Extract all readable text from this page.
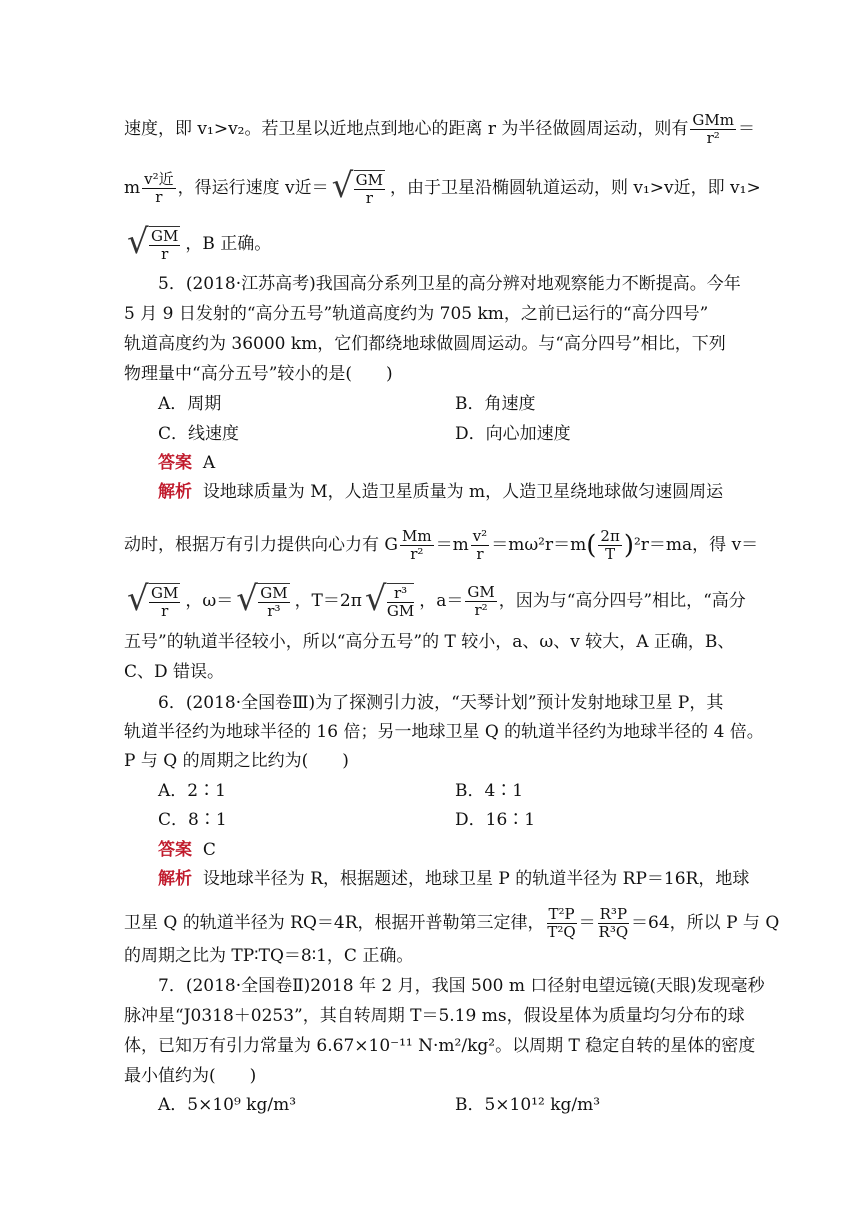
速度，即 v₁>v₂。若卫星以近地点到地心的距离 r 为半径做圆周运动，则有 $\frac{\text{GMm}}{\text{r²}}$ ＝
m $\frac{\text{v²近}}{r}$ ，得运行速度 v近＝ √ $\frac{GM}{r}$ ，由于卫星沿椭圆轨道运动，则 v₁>v近，即 v₁>
√ $\frac{GM}{r}$ ，B 正确。
5．(2018·江苏高考)我国高分系列卫星的高分辨对地观察能力不断提高。今年
5 月 9 日发射的“高分五号”轨道高度约为 705 km，之前已运行的“高分四号”
轨道高度约为 36000 km，它们都绕地球做圆周运动。与“高分四号”相比，下列
物理量中“高分五号”较小的是(　　)
A．周期	B．角速度
C．线速度	D．向心加速度
答案 A
解析 设地球质量为 M，人造卫星质量为 m，人造卫星绕地球做匀速圆周运
动时，根据万有引力提供向心力有 G $\frac{Mm}{\text{r²}} =m \frac{\text{v²}}{r} =m\omega^2r=m( \frac{2\pi}{T} )^2r=ma$，得 v＝
√ $\frac{GM}{r}$ ，ω＝ √ $\frac{GM}{\text{r³}}$ ，T＝2π √ $\frac{\text{r³}}{GM}$ ，$a= \frac{GM}{\text{r²}}$ ，因为与“高分四号”相比，“高分
五号”的轨道半径较小，所以“高分五号”的 T 较小，a、ω、v 较大，A 正确，B、
C、D 错误。
6．(2018·全国卷Ⅲ)为了探测引力波，“天琴计划”预计发射地球卫星 P，其
轨道半径约为地球半径的 16 倍；另一地球卫星 Q 的轨道半径约为地球半径的 4 倍。
P 与 Q 的周期之比约为(　　)
A．2∶1	B．4∶1
C．8∶1	D．16∶1
答案 C
解析 设地球半径为 R，根据题述，地球卫星 P 的轨道半径为 RP＝16R，地球
卫星 Q 的轨道半径为 RQ＝4R，根据开普勒第三定律， $\frac{\text{T²P}}{\text{T²Q}} = \frac{\text{R³P}}{\text{R³Q}} =64$，所以 P 与 Q
的周期之比为 TP∶TQ＝8∶1，C 正确。
7．(2018·全国卷Ⅱ)2018 年 2 月，我国 500 m 口径射电望远镜(天眼)发现毫秒
脉冲星“J0318＋0253”，其自转周期 T＝5.19 ms，假设星体为质量均匀分布的球
体，已知万有引力常量为 6.67×10⁻¹¹ N·m²/kg²。以周期 T 稳定自转的星体的密度
最小值约为(　　)
A．5×10⁹ kg/m³	B．5×10¹² kg/m³
